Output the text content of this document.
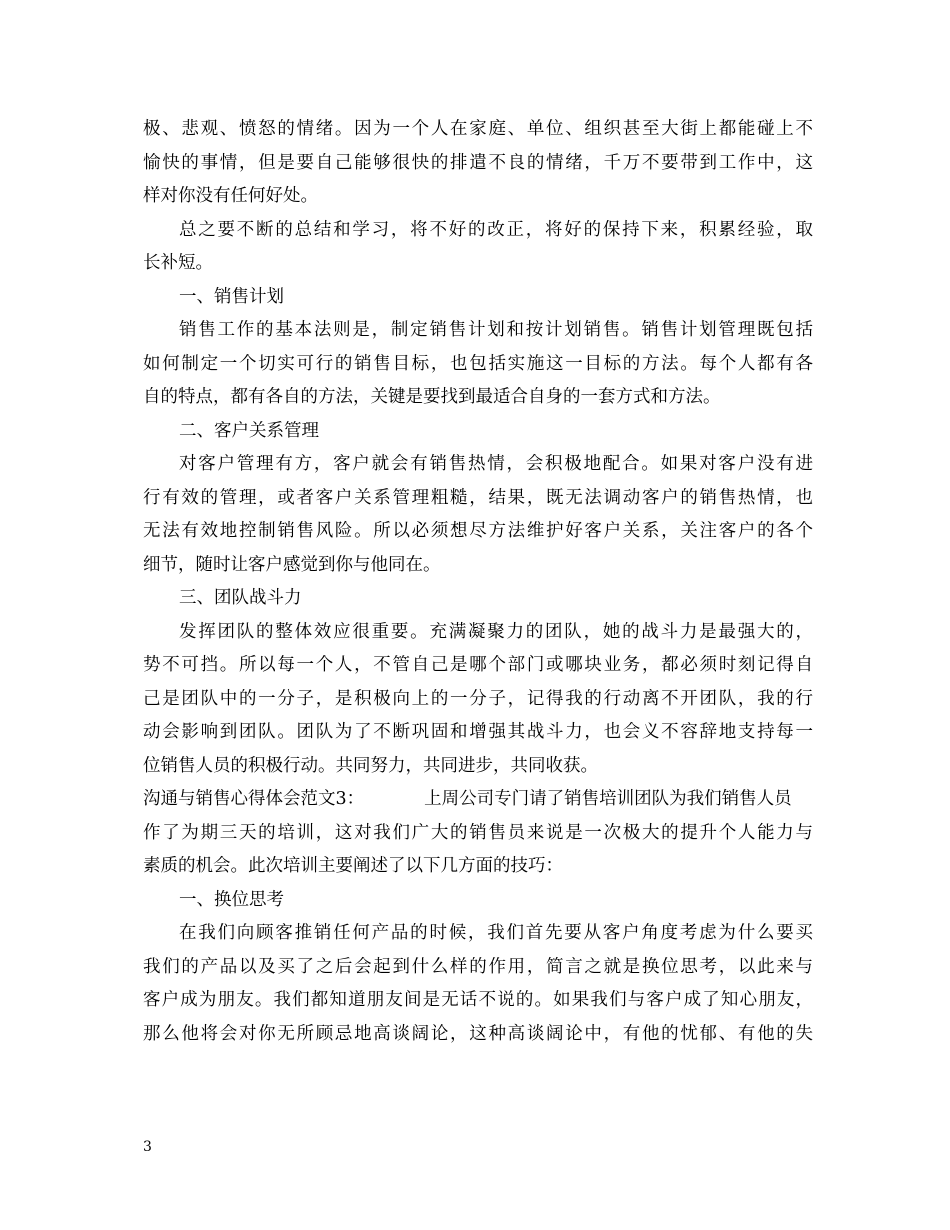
极、悲观、愤怒的情绪。因为一个人在家庭、单位、组织甚至大街上都能碰上不
愉快的事情，但是要自己能够很快的排遣不良的情绪，千万不要带到工作中，这
样对你没有任何好处。
总之要不断的总结和学习，将不好的改正，将好的保持下来，积累经验，取
长补短。
一、销售计划
销售工作的基本法则是，制定销售计划和按计划销售。销售计划管理既包括
如何制定一个切实可行的销售目标，也包括实施这一目标的方法。每个人都有各
自的特点，都有各自的方法，关键是要找到最适合自身的一套方式和方法。
二、客户关系管理
对客户管理有方，客户就会有销售热情，会积极地配合。如果对客户没有进
行有效的管理，或者客户关系管理粗糙，结果，既无法调动客户的销售热情，也
无法有效地控制销售风险。所以必须想尽方法维护好客户关系，关注客户的各个
细节，随时让客户感觉到你与他同在。
三、团队战斗力
发挥团队的整体效应很重要。充满凝聚力的团队，她的战斗力是最强大的，
势不可挡。所以每一个人，不管自己是哪个部门或哪块业务，都必须时刻记得自
己是团队中的一分子，是积极向上的一分子，记得我的行动离不开团队，我的行
动会影响到团队。团队为了不断巩固和增强其战斗力，也会义不容辞地支持每一
位销售人员的积极行动。共同努力，共同进步，共同收获。
沟通与销售心得体会范文3：	上周公司专门请了销售培训团队为我们销售人员
作了为期三天的培训，这对我们广大的销售员来说是一次极大的提升个人能力与
素质的机会。此次培训主要阐述了以下几方面的技巧：
一、换位思考
在我们向顾客推销任何产品的时候，我们首先要从客户角度考虑为什么要买
我们的产品以及买了之后会起到什么样的作用，简言之就是换位思考，以此来与
客户成为朋友。我们都知道朋友间是无话不说的。如果我们与客户成了知心朋友，
那么他将会对你无所顾忌地高谈阔论，这种高谈阔论中，有他的忧郁、有他的失
3
